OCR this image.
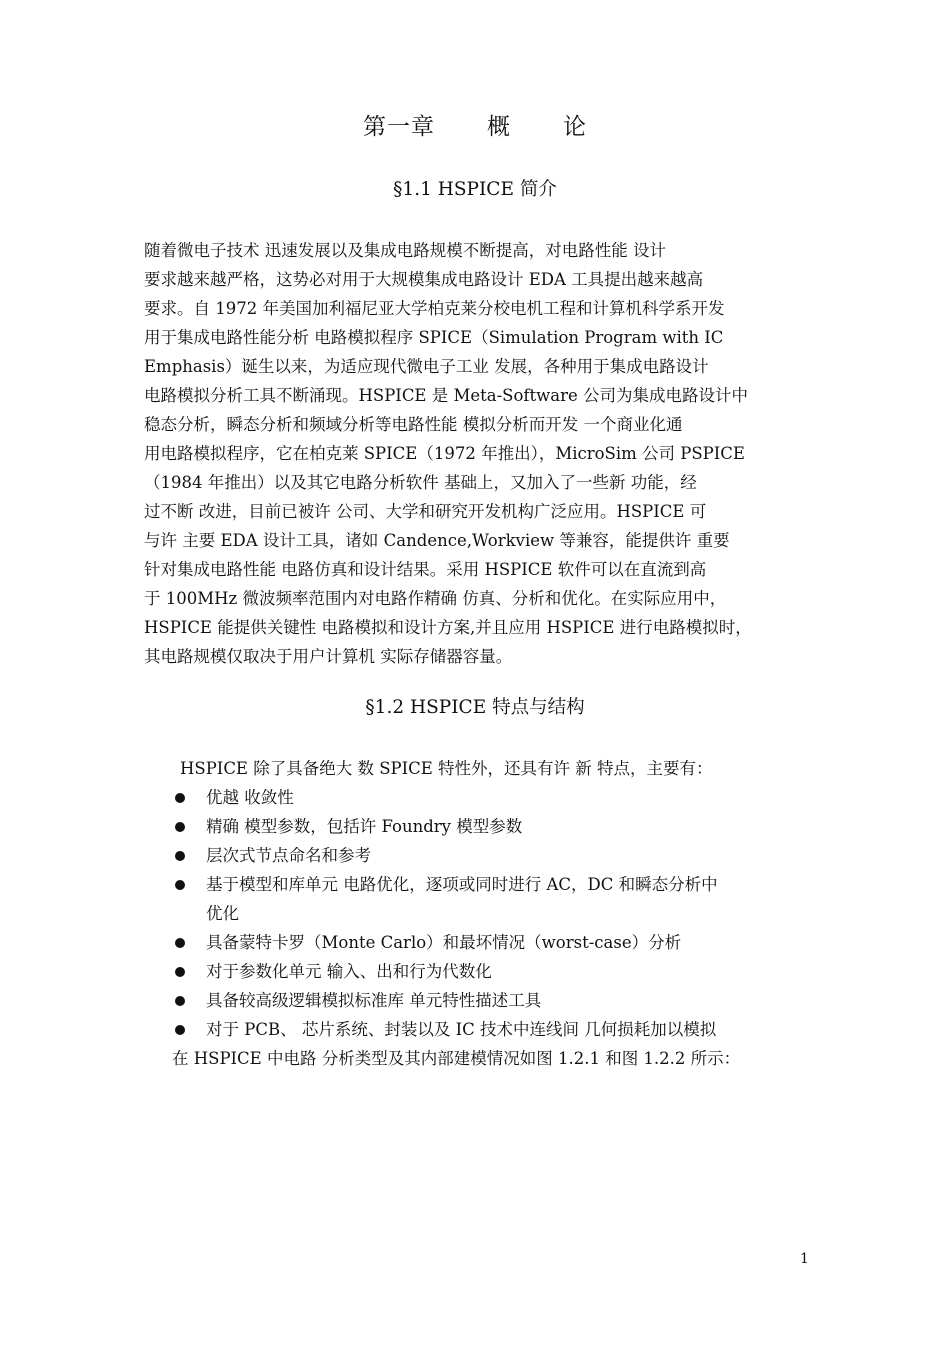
第一章 概 论
§1.1 HSPICE 简介
随着微电子技术 迅速发展以及集成电路规模不断提高，对电路性能 设计
要求越来越严格，这势必对用于大规模集成电路设计 EDA 工具提出越来越高
要求。自 1972 年美国加利福尼亚大学柏克莱分校电机工程和计算机科学系开发
用于集成电路性能分析 电路模拟程序 SPICE（Simulation Program with IC
Emphasis）诞生以来，为适应现代微电子工业 发展，各种用于集成电路设计
电路模拟分析工具不断涌现。HSPICE 是 Meta-Software 公司为集成电路设计中
稳态分析，瞬态分析和频域分析等电路性能 模拟分析而开发 一个商业化通
用电路模拟程序，它在柏克莱 SPICE（1972 年推出），MicroSim 公司 PSPICE
（1984 年推出）以及其它电路分析软件 基础上，又加入了一些新 功能，经
过不断 改进，目前已被许 公司、大学和研究开发机构广泛应用。HSPICE 可
与许 主要 EDA 设计工具，诸如 Candence,Workview 等兼容，能提供许 重要
针对集成电路性能 电路仿真和设计结果。采用 HSPICE 软件可以在直流到高
于 100MHz 微波频率范围内对电路作精确 仿真、分析和优化。在实际应用中，
HSPICE 能提供关键性 电路模拟和设计方案,并且应用 HSPICE 进行电路模拟时，
其电路规模仅取决于用户计算机 实际存储器容量。
§1.2 HSPICE 特点与结构
HSPICE 除了具备绝大 数 SPICE 特性外，还具有许 新 特点，主要有：
优越 收敛性
精确 模型参数，包括许 Foundry 模型参数
层次式节点命名和参考
基于模型和库单元 电路优化，逐项或同时进行 AC，DC 和瞬态分析中
优化
具备蒙特卡罗（Monte Carlo）和最坏情况（worst-case）分析
对于参数化单元 输入、出和行为代数化
具备较高级逻辑模拟标准库 单元特性描述工具
对于 PCB、 芯片系统、封装以及 IC 技术中连线间 几何损耗加以模拟
在 HSPICE 中电路 分析类型及其内部建模情况如图 1.2.1 和图 1.2.2 所示：
1
